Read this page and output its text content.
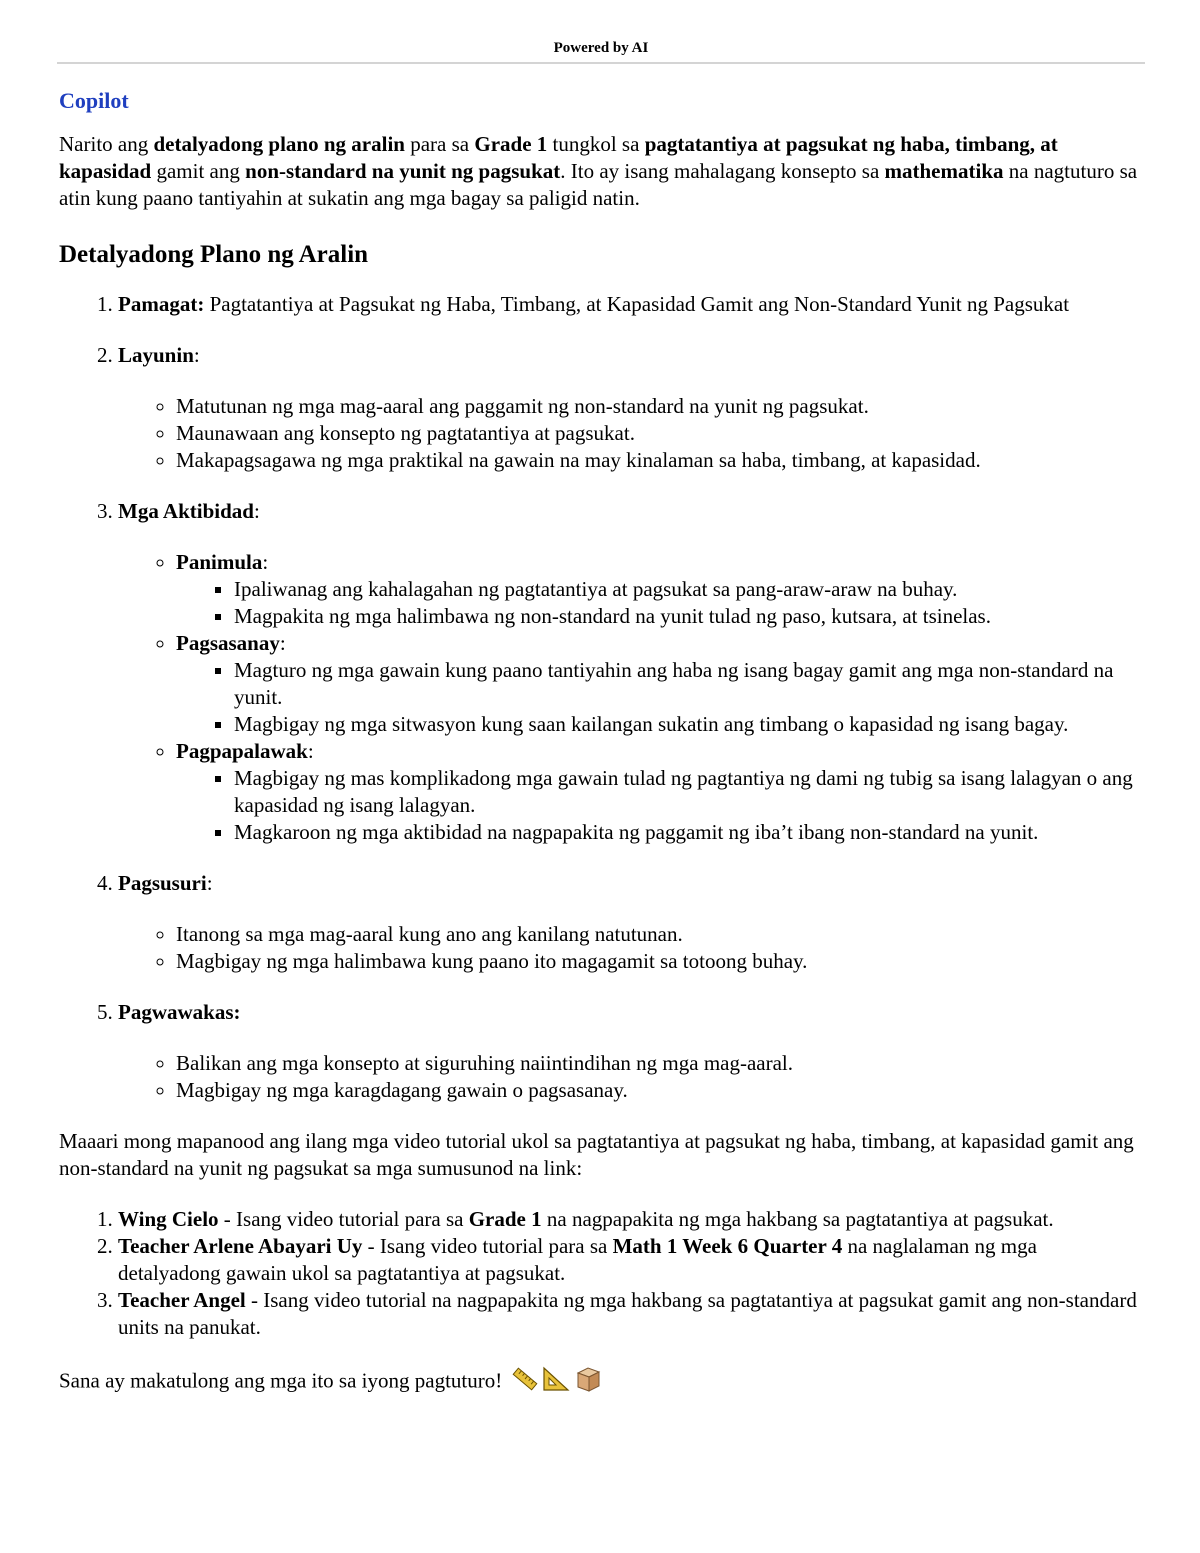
Powered by AI
Copilot

Narito ang detalyadong plano ng aralin para sa Grade 1 tungkol sa pagtatantiya at pagsukat ng haba, timbang, at kapasidad gamit ang non-standard na yunit ng pagsukat. Ito ay isang mahalagang konsepto sa mathematika na nagtuturo sa atin kung paano tantiyahin at sukatin ang mga bagay sa paligid natin.

Detalyadong Plano ng Aralin
1. Pamagat: Pagtatantiya at Pagsukat ng Haba, Timbang, at Kapasidad Gamit ang Non-Standard Yunit ng Pagsukat
2. Layunin:
◦ Matutunan ng mga mag-aaral ang paggamit ng non-standard na yunit ng pagsukat.
◦ Maunawaan ang konsepto ng pagtatantiya at pagsukat.
◦ Makapagsagawa ng mga praktikal na gawain na may kinalaman sa haba, timbang, at kapasidad.
3. Mga Aktibidad:
◦ Panimula:
▪ Ipaliwanag ang kahalagahan ng pagtatantiya at pagsukat sa pang-araw-araw na buhay.
▪ Magpakita ng mga halimbawa ng non-standard na yunit tulad ng paso, kutsara, at tsinelas.
◦ Pagsasanay:
▪ Magturo ng mga gawain kung paano tantiyahin ang haba ng isang bagay gamit ang mga non-standard na yunit.
▪ Magbigay ng mga sitwasyon kung saan kailangan sukatin ang timbang o kapasidad ng isang bagay.
◦ Pagpapalawak:
▪ Magbigay ng mas komplikadong mga gawain tulad ng pagtantiya ng dami ng tubig sa isang lalagyan o ang kapasidad ng isang lalagyan.
▪ Magkaroon ng mga aktibidad na nagpapakita ng paggamit ng iba’t ibang non-standard na yunit.
4. Pagsusuri:
◦ Itanong sa mga mag-aaral kung ano ang kanilang natutunan.
◦ Magbigay ng mga halimbawa kung paano ito magagamit sa totoong buhay.
5. Pagwawakas:
◦ Balikan ang mga konsepto at siguruhing naiintindihan ng mga mag-aaral.
◦ Magbigay ng mga karagdagang gawain o pagsasanay.

Maaari mong mapanood ang ilang mga video tutorial ukol sa pagtatantiya at pagsukat ng haba, timbang, at kapasidad gamit ang non-standard na yunit ng pagsukat sa mga sumusunod na link:

1. Wing Cielo - Isang video tutorial para sa Grade 1 na nagpapakita ng mga hakbang sa pagtatantiya at pagsukat.
2. Teacher Arlene Abayari Uy - Isang video tutorial para sa Math 1 Week 6 Quarter 4 na naglalaman ng mga detalyadong gawain ukol sa pagtatantiya at pagsukat.
3. Teacher Angel - Isang video tutorial na nagpapakita ng mga hakbang sa pagtatantiya at pagsukat gamit ang non-standard units na panukat.

Sana ay makatulong ang mga ito sa iyong pagtuturo!
